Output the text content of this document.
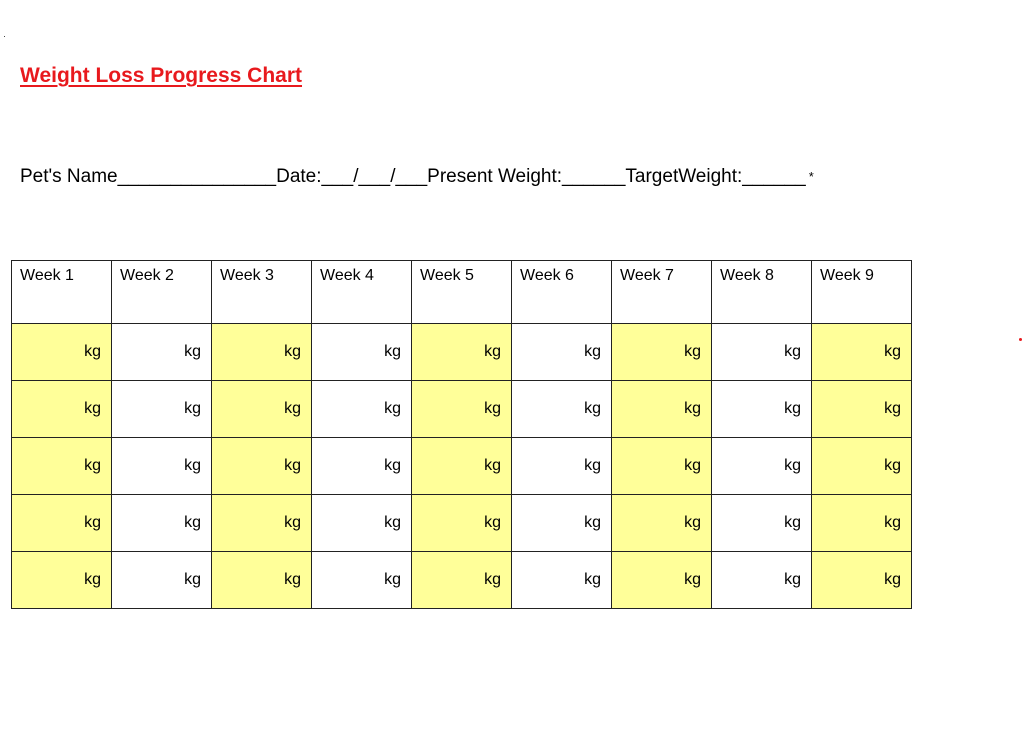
Weight Loss Progress Chart
Pet's Name_______________Date:___/___/___Present Weight:______TargetWeight:______ *
Week 1	Week 2	Week 3	Week 4	Week 5	Week 6	Week 7	Week 8	Week 9
kg	kg	kg	kg	kg	kg	kg	kg	kg
kg	kg	kg	kg	kg	kg	kg	kg	kg
kg	kg	kg	kg	kg	kg	kg	kg	kg
kg	kg	kg	kg	kg	kg	kg	kg	kg
kg	kg	kg	kg	kg	kg	kg	kg	kg
